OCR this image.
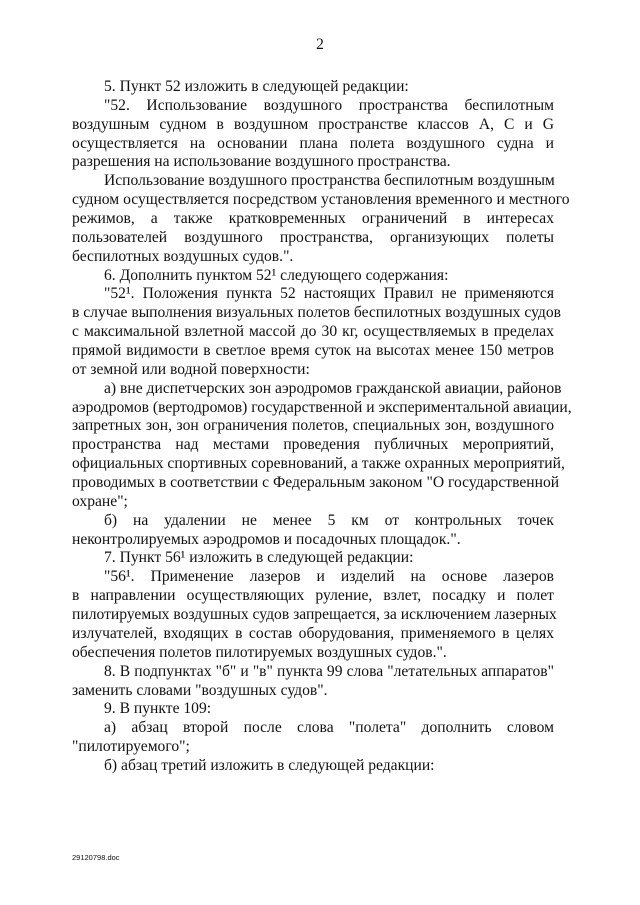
2
5. Пункт 52 изложить в следующей редакции:
"52. Использование воздушного пространства беспилотным
воздушным судном в воздушном пространстве классов A, C и G
осуществляется на основании плана полета воздушного судна и
разрешения на использование воздушного пространства.
Использование воздушного пространства беспилотным воздушным
судном осуществляется посредством установления временного и местного
режимов, а также кратковременных ограничений в интересах
пользователей воздушного пространства, организующих полеты
беспилотных воздушных судов.".
6. Дополнить пунктом 52¹ следующего содержания:
"52¹. Положения пункта 52 настоящих Правил не применяются
в случае выполнения визуальных полетов беспилотных воздушных судов
с максимальной взлетной массой до 30 кг, осуществляемых в пределах
прямой видимости в светлое время суток на высотах менее 150 метров
от земной или водной поверхности:
а) вне диспетчерских зон аэродромов гражданской авиации, районов
аэродромов (вертодромов) государственной и экспериментальной авиации,
запретных зон, зон ограничения полетов, специальных зон, воздушного
пространства над местами проведения публичных мероприятий,
официальных спортивных соревнований, а также охранных мероприятий,
проводимых в соответствии с Федеральным законом "О государственной
охране";
б) на удалении не менее 5 км от контрольных точек
неконтролируемых аэродромов и посадочных площадок.".
7. Пункт 56¹ изложить в следующей редакции:
"56¹. Применение лазеров и изделий на основе лазеров
в направлении осуществляющих руление, взлет, посадку и полет
пилотируемых воздушных судов запрещается, за исключением лазерных
излучателей, входящих в состав оборудования, применяемого в целях
обеспечения полетов пилотируемых воздушных судов.".
8. В подпунктах "б" и "в" пункта 99 слова "летательных аппаратов"
заменить словами "воздушных судов".
9. В пункте 109:
а) абзац второй после слова "полета" дополнить словом
"пилотируемого";
б) абзац третий изложить в следующей редакции:
29120798.doc
